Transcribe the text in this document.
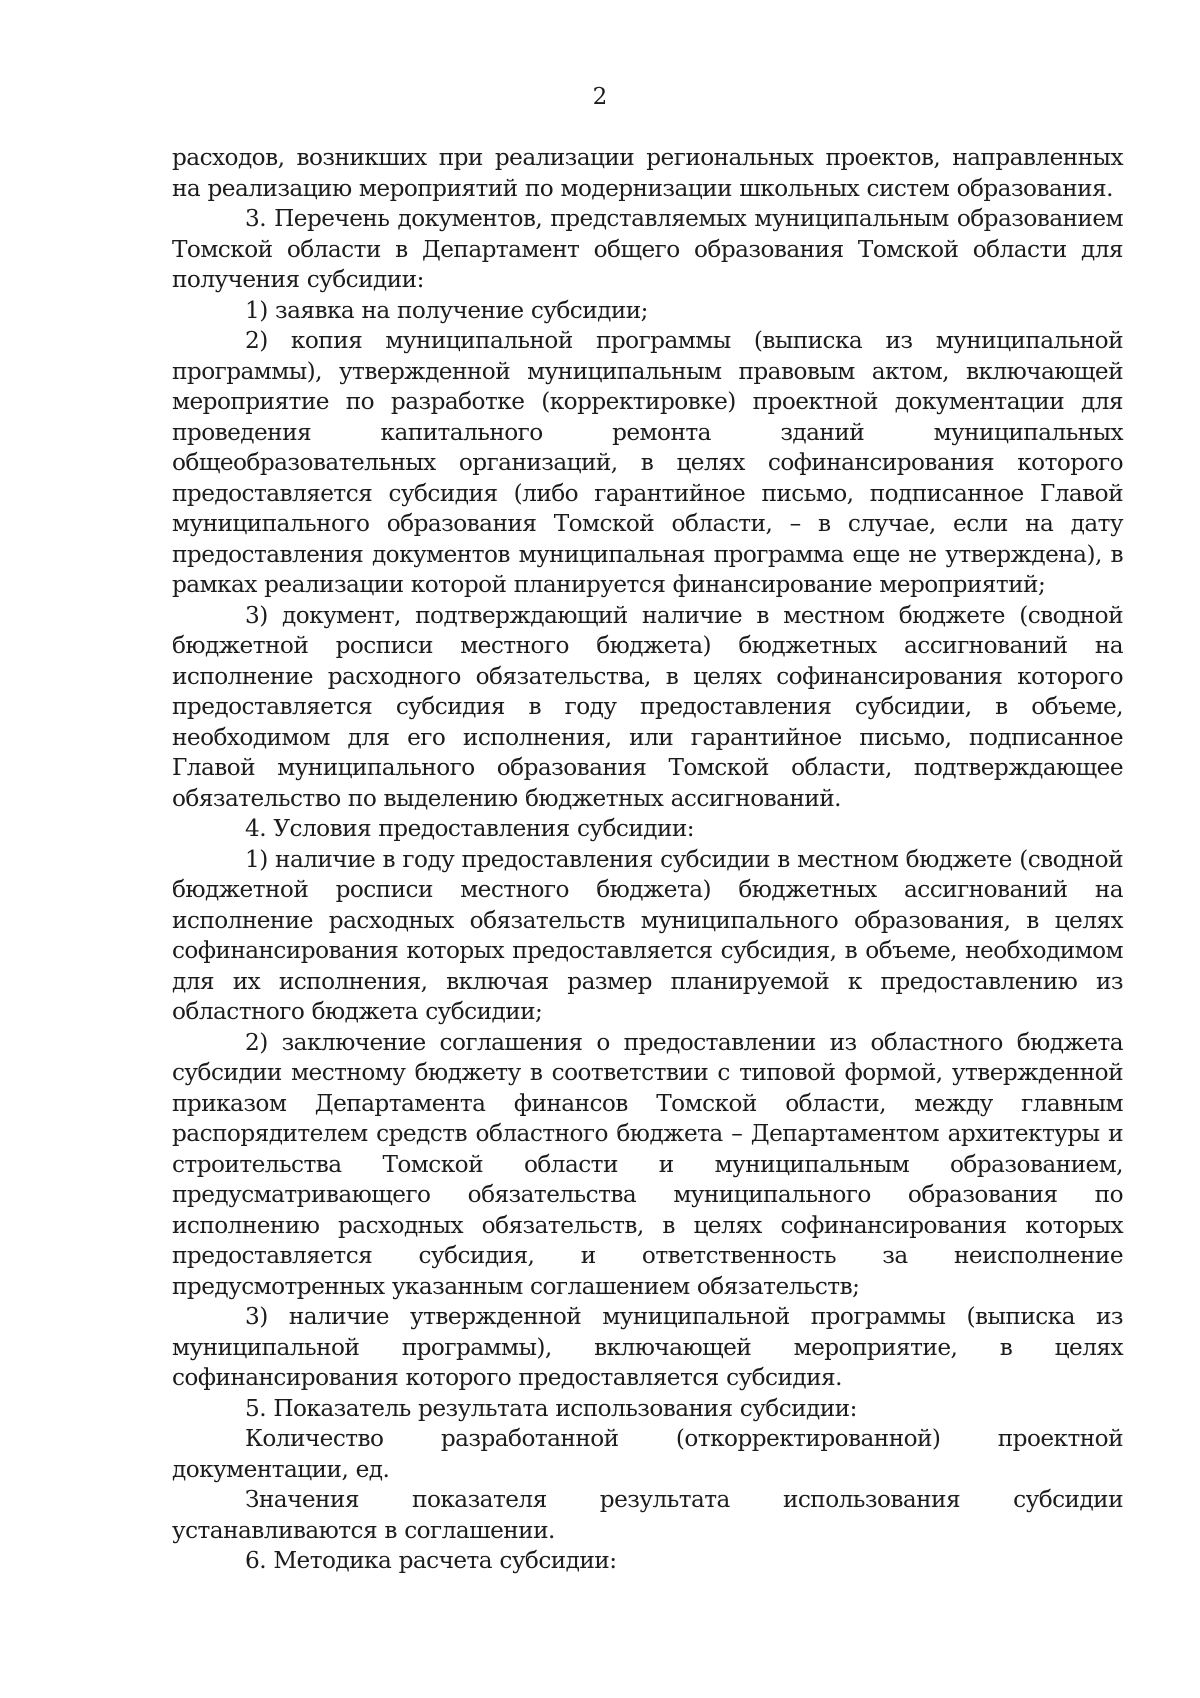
2

расходов, возникших при реализации региональных проектов, направленных на реализацию мероприятий по модернизации школьных систем образования.

3. Перечень документов, представляемых муниципальным образованием Томской области в Департамент общего образования Томской области для получения субсидии:

1) заявка на получение субсидии;

2) копия муниципальной программы (выписка из муниципальной программы), утвержденной муниципальным правовым актом, включающей мероприятие по разработке (корректировке) проектной документации для проведения капитального ремонта зданий муниципальных общеобразовательных организаций, в целях софинансирования которого предоставляется субсидия (либо гарантийное письмо, подписанное Главой муниципального образования Томской области, – в случае, если на дату предоставления документов муниципальная программа еще не утверждена), в рамках реализации которой планируется финансирование мероприятий;

3) документ, подтверждающий наличие в местном бюджете (сводной бюджетной росписи местного бюджета) бюджетных ассигнований на исполнение расходного обязательства, в целях софинансирования которого предоставляется субсидия в году предоставления субсидии, в объеме, необходимом для его исполнения, или гарантийное письмо, подписанное Главой муниципального образования Томской области, подтверждающее обязательство по выделению бюджетных ассигнований.

4. Условия предоставления субсидии:

1) наличие в году предоставления субсидии в местном бюджете (сводной бюджетной росписи местного бюджета) бюджетных ассигнований на исполнение расходных обязательств муниципального образования, в целях софинансирования которых предоставляется субсидия, в объеме, необходимом для их исполнения, включая размер планируемой к предоставлению из областного бюджета субсидии;

2) заключение соглашения о предоставлении из областного бюджета субсидии местному бюджету в соответствии с типовой формой, утвержденной приказом Департамента финансов Томской области, между главным распорядителем средств областного бюджета – Департаментом архитектуры и строительства Томской области и муниципальным образованием, предусматривающего обязательства муниципального образования по исполнению расходных обязательств, в целях софинансирования которых предоставляется субсидия, и ответственность за неисполнение предусмотренных указанным соглашением обязательств;

3) наличие утвержденной муниципальной программы (выписка из муниципальной программы), включающей мероприятие, в целях софинансирования которого предоставляется субсидия.

5. Показатель результата использования субсидии:

Количество разработанной (откорректированной) проектной документации, ед.

Значения показателя результата использования субсидии устанавливаются в соглашении.

6. Методика расчета субсидии:
